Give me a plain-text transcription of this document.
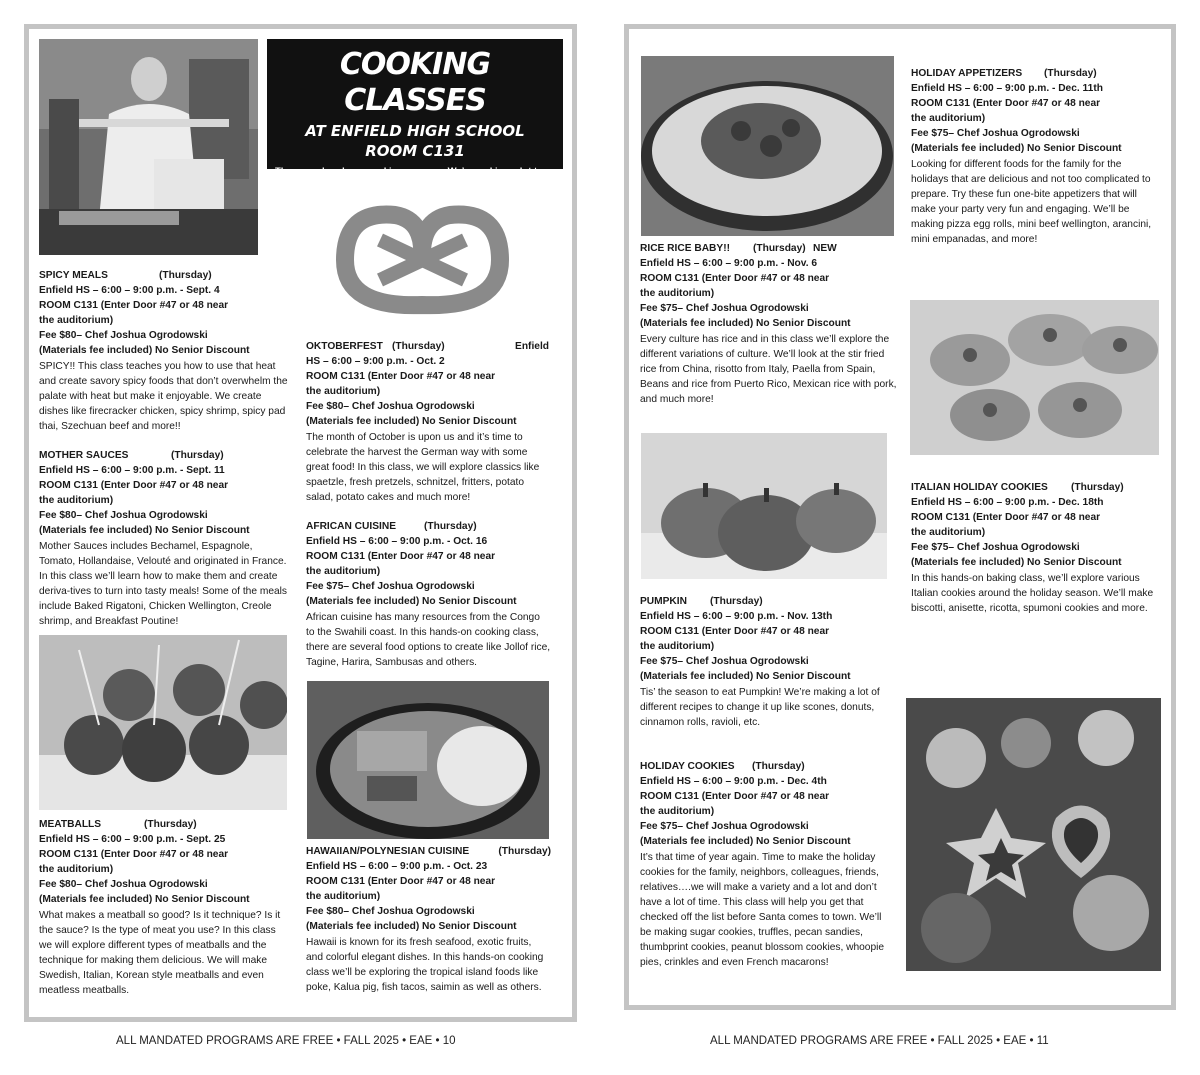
COOKING CLASSES
AT ENFIELD HIGH SCHOOL
ROOM C131
These are hands on cooking courses. We’re making a lot to take home and share, so don’t forget the tupperware.
SPICY MEALS	(Thursday)
Enfield HS – 6:00 – 9:00 p.m. - Sept. 4
ROOM C131 (Enter Door #47 or 48 near
the auditorium)
Fee $80– Chef Joshua Ogrodowski
(Materials fee included) No Senior Discount
SPICY!! This class teaches you how to use that heat and create savory spicy foods that don’t overwhelm the palate with heat but make it enjoyable. We create dishes like firecracker chicken, spicy shrimp, spicy pad thai, Szechuan beef and more!!
MOTHER SAUCES	(Thursday)
Enfield HS – 6:00 – 9:00 p.m. - Sept. 11
ROOM C131 (Enter Door #47 or 48 near
the auditorium)
Fee $80– Chef Joshua Ogrodowski
(Materials fee included) No Senior Discount
Mother Sauces includes Bechamel, Espagnole, Tomato, Hollandaise, Velouté and originated in France. In this class we’ll learn how to make them and create deriva-tives to turn into tasty meals! Some of the meals include Baked Rigatoni, Chicken Wellington, Creole shrimp, and Breakfast Poutine!
MEATBALLS	(Thursday)
Enfield HS – 6:00 – 9:00 p.m. - Sept. 25
ROOM C131 (Enter Door #47 or 48 near
the auditorium)
Fee $80– Chef Joshua Ogrodowski
(Materials fee included) No Senior Discount
What makes a meatball so good? Is it technique? Is it the sauce? Is the type of meat you use? In this class we will explore different types of meatballs and the technique for making them delicious. We will make Swedish, Italian, Korean style meatballs and even meatless meatballs.
OKTOBERFEST (Thursday)	Enfield
HS – 6:00 – 9:00 p.m. - Oct. 2
ROOM C131 (Enter Door #47 or 48 near
the auditorium)
Fee $80– Chef Joshua Ogrodowski
(Materials fee included) No Senior Discount
The month of October is upon us and it’s time to celebrate the harvest the German way with some great food! In this class, we will explore classics like spaetzle, fresh pretzels, schnitzel, fritters, potato salad, potato cakes and much more!
AFRICAN CUISINE	(Thursday)
Enfield HS – 6:00 – 9:00 p.m. - Oct. 16
ROOM C131 (Enter Door #47 or 48 near
the auditorium)
Fee $75– Chef Joshua Ogrodowski
(Materials fee included) No Senior Discount
African cuisine has many resources from the Congo to the Swahili coast. In this hands-on cooking class, there are several food options to create like Jollof rice, Tagine, Harira, Sambusas and others.
HAWAIIAN/POLYNESIAN CUISINE	(Thursday)
Enfield HS – 6:00 – 9:00 p.m. - Oct. 23
ROOM C131 (Enter Door #47 or 48 near
the auditorium)
Fee $80– Chef Joshua Ogrodowski
(Materials fee included) No Senior Discount
Hawaii is known for its fresh seafood, exotic fruits, and colorful elegant dishes. In this hands-on cooking class we’ll be exploring the tropical island foods like poke, Kalua pig, fish tacos, saimin as well as others.
RICE RICE BABY!! (Thursday) NEW
Enfield HS – 6:00 – 9:00 p.m. - Nov. 6
ROOM C131 (Enter Door #47 or 48 near
the auditorium)
Fee $75– Chef Joshua Ogrodowski
(Materials fee included) No Senior Discount
Every culture has rice and in this class we’ll explore the different variations of culture. We’ll look at the stir fried rice from China, risotto from Italy, Paella from Spain, Beans and rice from Puerto Rico, Mexican rice with pork, and much more!
PUMPKIN (Thursday)
Enfield HS – 6:00 – 9:00 p.m. - Nov. 13th
ROOM C131 (Enter Door #47 or 48 near
the auditorium)
Fee $75– Chef Joshua Ogrodowski
(Materials fee included) No Senior Discount
Tis’ the season to eat Pumpkin! We’re making a lot of different recipes to change it up like scones, donuts, cinnamon rolls, ravioli, etc.
HOLIDAY COOKIES (Thursday)
Enfield HS – 6:00 – 9:00 p.m. - Dec. 4th
ROOM C131 (Enter Door #47 or 48 near
the auditorium)
Fee $75– Chef Joshua Ogrodowski
(Materials fee included) No Senior Discount
It’s that time of year again. Time to make the holiday cookies for the family, neighbors, colleagues, friends, relatives….we will make a variety and a lot and don’t have a lot of time. This class will help you get that checked off the list before Santa comes to town. We’ll be making sugar cookies, truffles, pecan sandies, thumbprint cookies, peanut blossom cookies, whoopie pies, crinkles and even French macarons!
HOLIDAY APPETIZERS (Thursday)
Enfield HS – 6:00 – 9:00 p.m. - Dec. 11th
ROOM C131 (Enter Door #47 or 48 near
the auditorium)
Fee $75– Chef Joshua Ogrodowski
(Materials fee included) No Senior Discount
Looking for different foods for the family for the holidays that are delicious and not too complicated to prepare. Try these fun one-bite appetizers that will make your party very fun and engaging. We’ll be making pizza egg rolls, mini beef wellington, arancini, mini empanadas, and more!
ITALIAN HOLIDAY COOKIES (Thursday)
Enfield HS – 6:00 – 9:00 p.m. - Dec. 18th
ROOM C131 (Enter Door #47 or 48 near
the auditorium)
Fee $75– Chef Joshua Ogrodowski
(Materials fee included) No Senior Discount
In this hands-on baking class, we’ll explore various Italian cookies around the holiday season. We’ll make biscotti, anisette, ricotta, spumoni cookies and more.
ALL MANDATED PROGRAMS ARE FREE • FALL 2025 • EAE • 10	ALL MANDATED PROGRAMS ARE FREE • FALL 2025 • EAE • 11
